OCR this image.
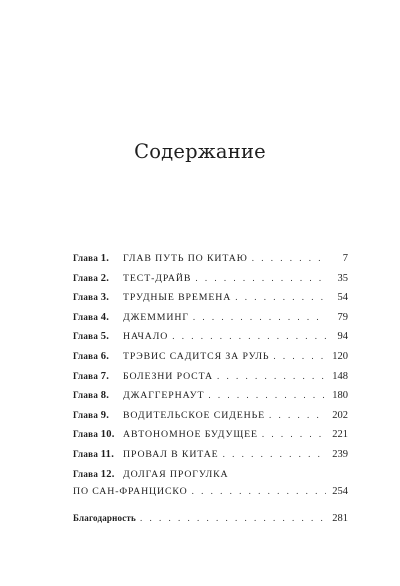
Содержание
Глава 1.	ГЛАВ ПУТЬ ПО КИТАЮ . . .	7
Глава 2.	ТЕСТ-ДРАЙВ . . .	35
Глава 3.	ТРУДНЫЕ ВРЕМЕНА . . .	54
Глава 4.	ДЖЕММИНГ . . .	79
Глава 5.	НАЧАЛО . . .	94
Глава 6.	ТРЭВИС САДИТСЯ ЗА РУЛЬ . . .	120
Глава 7.	БОЛЕЗНИ РОСТА . . .	148
Глава 8.	ДЖАГГЕРНАУТ . . .	180
Глава 9.	ВОДИТЕЛЬСКОЕ СИДЕНЬЕ . . .	202
Глава 10. АВТОНОМНОЕ БУДУЩЕЕ . . .	221
Глава 11. ПРОВАЛ В КИТАЕ . . .	239
Глава 12. ДОЛГАЯ ПРОГУЛКА
ПО САН-ФРАНЦИСКО . . .	254
Благодарность . . .	281
